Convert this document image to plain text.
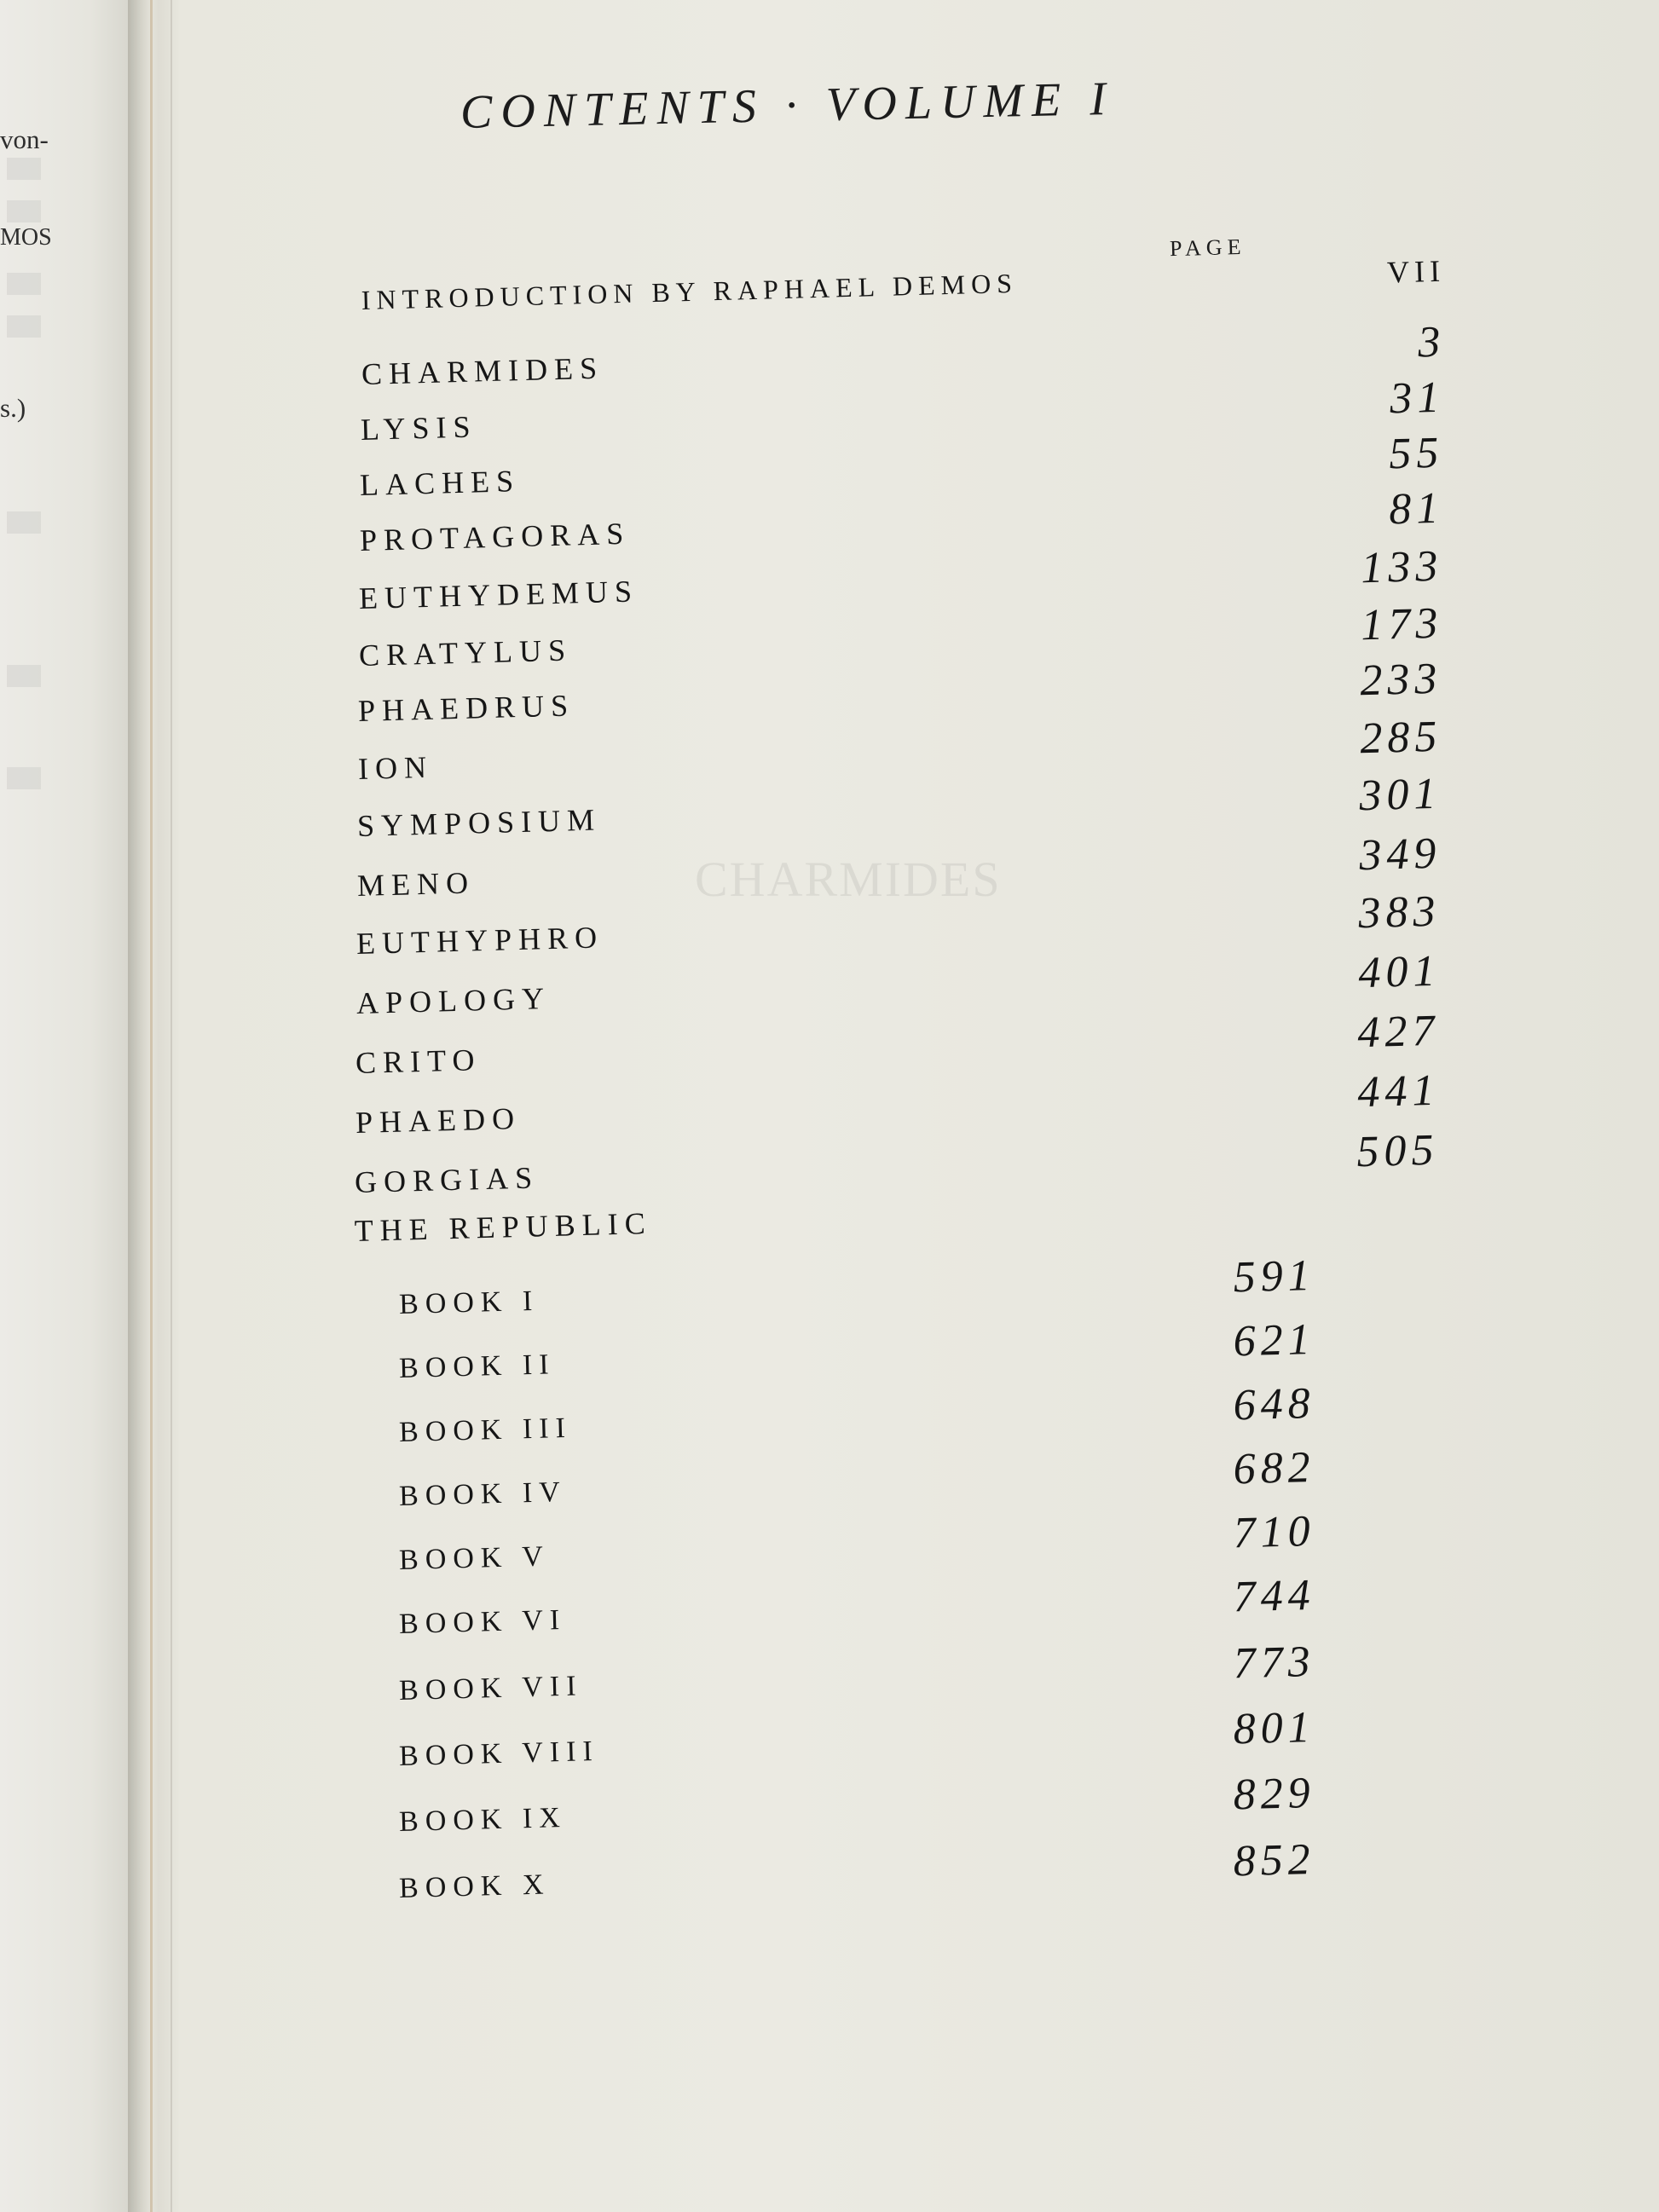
von-
MOS
s.)
CONTENTS · VOLUME I
PAGE
CHARMIDES
INTRODUCTION BY RAPHAEL DEMOS	VII
CHARMIDES
3
LYSIS
31
LACHES
55
PROTAGORAS
81
EUTHYDEMUS
133
CRATYLUS
173
PHAEDRUS
233
ION
285
SYMPOSIUM
301
MENO
349
EUTHYPHRO
383
APOLOGY
401
CRITO
427
PHAEDO
441
GORGIAS
505
THE REPUBLIC
BOOK I
591
BOOK II
621
BOOK III
648
BOOK IV
682
BOOK V
710
BOOK VI
744
BOOK VII
773
BOOK VIII
801
BOOK IX
829
BOOK X
852
